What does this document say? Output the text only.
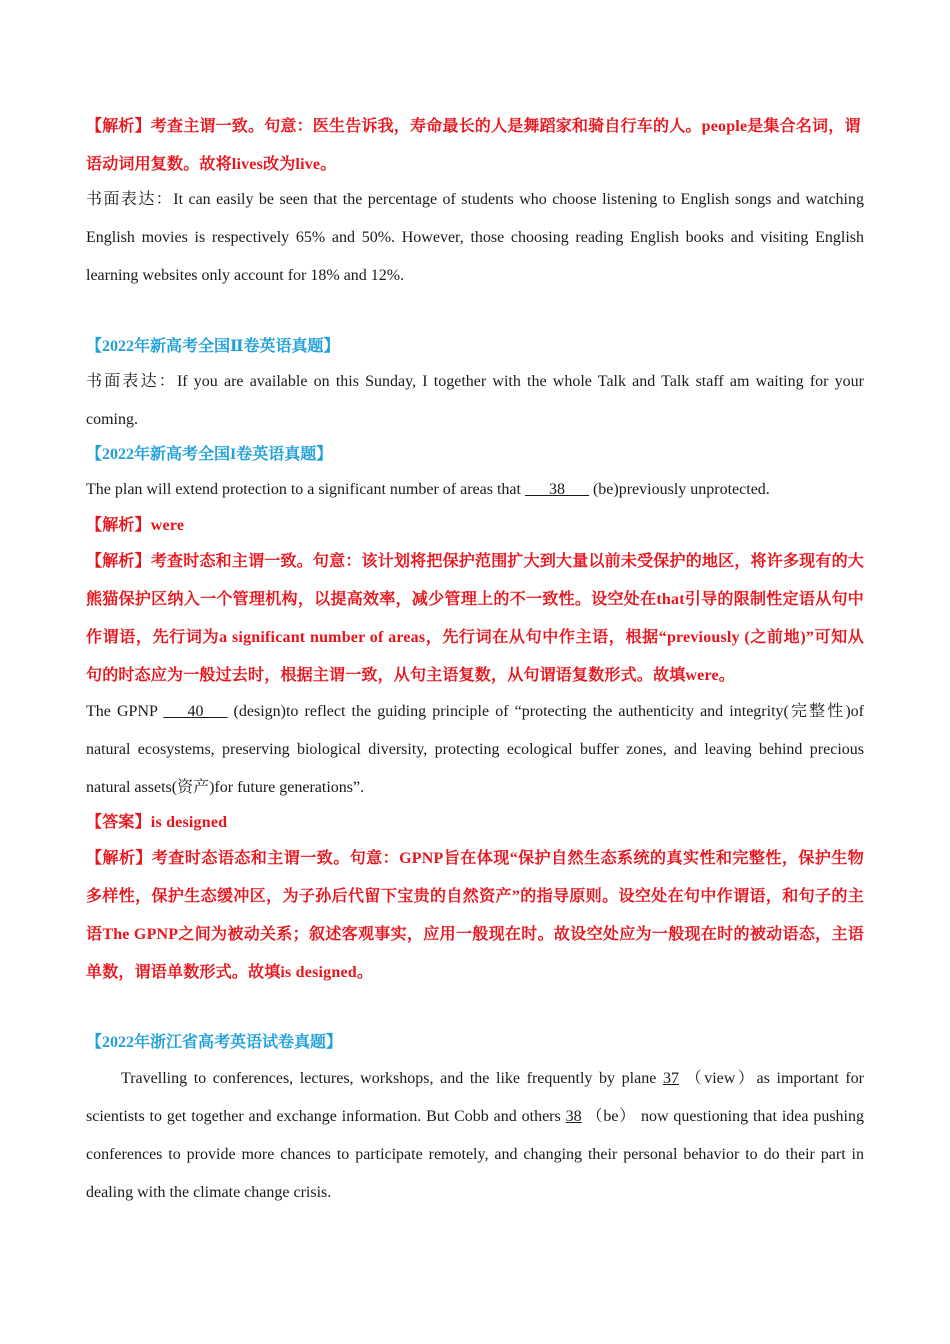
【解析】考查主谓一致。句意：医生告诉我，寿命最长的人是舞蹈家和骑自行车的人。people是集合名词，谓语动词用复数。故将lives改为live。
书面表达：It can easily be seen that the percentage of students who choose listening to English songs and watching English movies is respectively 65% and 50%. However, those choosing reading English books and visiting English learning websites only account for 18% and 12%.
【2022年新高考全国Ⅱ卷英语真题】
书面表达：If you are available on this Sunday, I together with the whole Talk and Talk staff am waiting for your coming.
【2022年新高考全国I卷英语真题】
The plan will extend protection to a significant number of areas that ___38___ (be)previously unprotected.
【解析】were
【解析】考查时态和主谓一致。句意：该计划将把保护范围扩大到大量以前未受保护的地区，将许多现有的大熊猫保护区纳入一个管理机构，以提高效率，减少管理上的不一致性。设空处在that引导的限制性定语从句中作谓语，先行词为a significant number of areas，先行词在从句中作主语，根据“previously (之前地)”可知从句的时态应为一般过去时，根据主谓一致，从句主语复数，从句谓语复数形式。故填were。
The GPNP ___40___ (design)to reflect the guiding principle of “protecting the authenticity and integrity(完整性)of natural ecosystems, preserving biological diversity, protecting ecological buffer zones, and leaving behind precious natural assets(资产)for future generations”.
【答案】is designed
【解析】考查时态语态和主谓一致。句意：GPNP旨在体现“保护自然生态系统的真实性和完整性，保护生物多样性，保护生态缓冲区，为子孙后代留下宝贵的自然资产”的指导原则。设空处在句中作谓语，和句子的主语The GPNP之间为被动关系；叙述客观事实，应用一般现在时。故设空处应为一般现在时的被动语态，主语单数，谓语单数形式。故填is designed。
【2022年浙江省高考英语试卷真题】
Travelling to conferences, lectures, workshops, and the like frequently by plane 37 （view）as important for scientists to get together and exchange information. But Cobb and others 38 （be） now questioning that idea pushing conferences to provide more chances to participate remotely, and changing their personal behavior to do their part in dealing with the climate change crisis.
